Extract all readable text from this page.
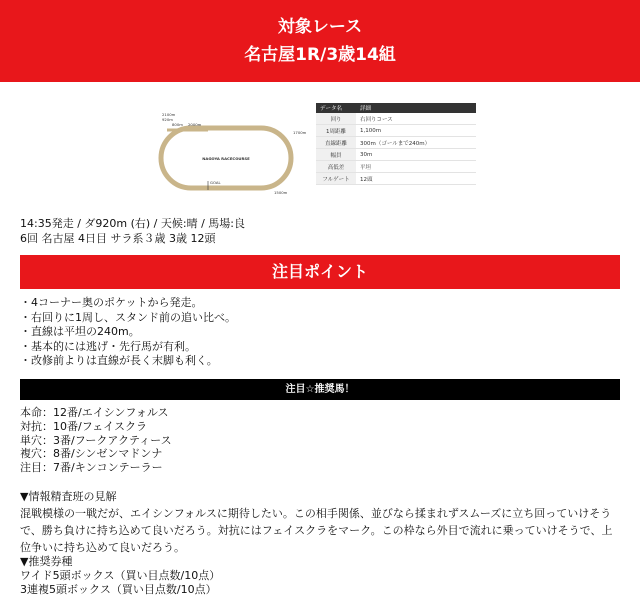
対象レース
名古屋1R/3歳14組
NAGOYA RACECOURSE
GOAL
2100m
920m
800m 2000m
1700m
1500m
データ名	詳細
回り	右回りコース
1周距離	1,100m
直線距離	300m（ゴールまで240m）
幅員	30m
高低差	平坦
フルゲート	12頭
14:35発走 / ダ920m (右) / 天候:晴 / 馬場:良
6回 名古屋 4日目 サラ系３歳 3歳 12頭
注目ポイント
・4コーナー奥のポケットから発走。
・右回りに1周し、スタンド前の追い比べ。
・直線は平坦の240m。
・基本的には逃げ・先行馬が有利。
・改修前よりは直線が長く末脚も利く。
注目☆推奨馬！
本命：12番/エイシンフォルス
対抗：10番/フェイスクラ
単穴：3番/フークアクティース
複穴：8番/シンゼンマドンナ
注目：7番/キンコンテーラー
▼情報精査班の見解
混戦模様の一戦だが、エイシンフォルスに期待したい。この相手関係、並びなら揉まれずスムーズに立ち回っていけそうで、勝ち負けに持ち込めて良いだろう。対抗にはフェイスクラをマーク。この枠なら外目で流れに乗っていけそうで、上位争いに持ち込めて良いだろう。
▼推奨券種
ワイド5頭ボックス（買い目点数/10点）
3連複5頭ボックス（買い目点数/10点）
